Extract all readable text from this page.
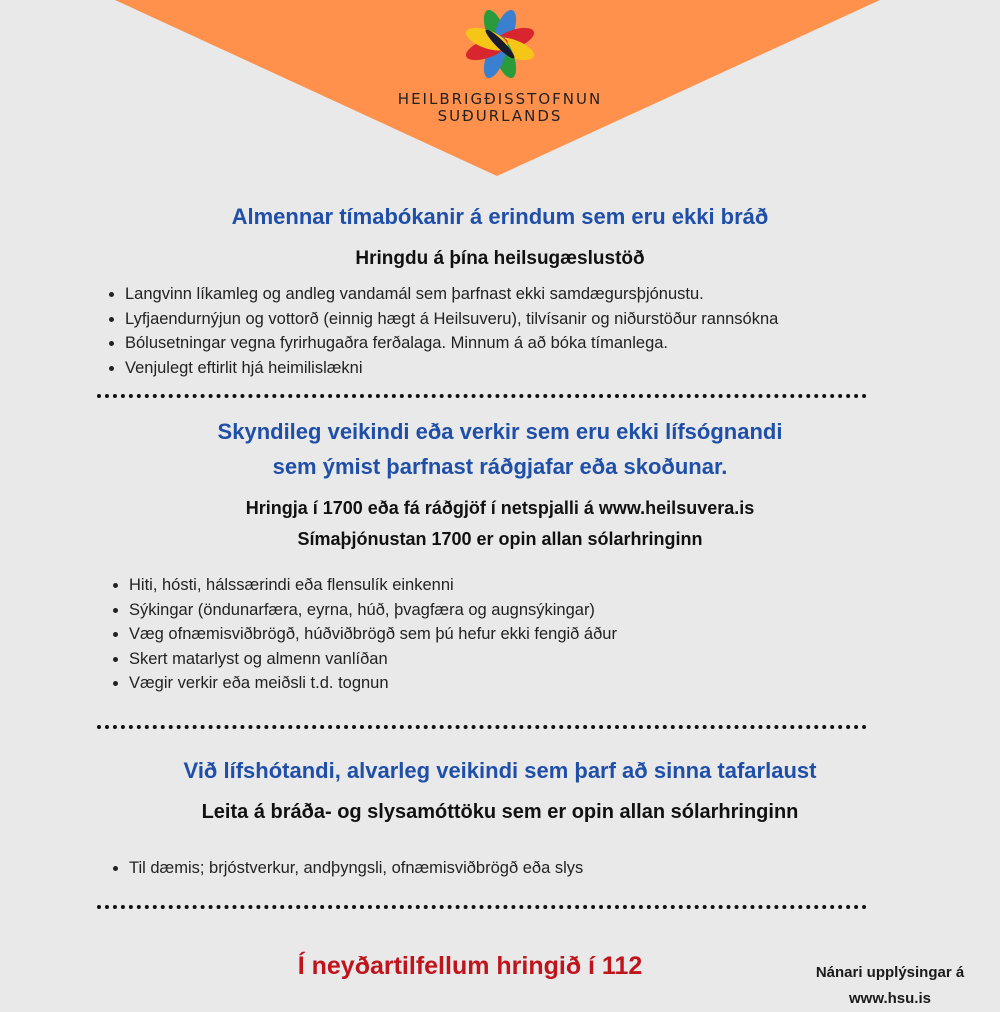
HEILBRIGÐISSTOFNUN
SUÐURLANDS
Almennar tímabókanir á erindum sem eru ekki bráð
Hringdu á þína heilsugæslustöð
• Langvinn líkamleg og andleg vandamál sem þarfnast ekki samdægursþjónustu.
• Lyfjaendurnýjun og vottorð (einnig hægt á Heilsuveru), tilvísanir og niðurstöður rannsókna
• Bólusetningar vegna fyrirhugaðra ferðalaga. Minnum á að bóka tímanlega.
• Venjulegt eftirlit hjá heimilislækni
Skyndileg veikindi eða verkir sem eru ekki lífsógnandi
sem ýmist þarfnast ráðgjafar eða skoðunar.
Hringja í 1700 eða fá ráðgjöf í netspjalli á www.heilsuvera.is
Símaþjónustan 1700 er opin allan sólarhringinn
• Hiti, hósti, hálssærindi eða flensulík einkenni
• Sýkingar (öndunarfæra, eyrna, húð, þvagfæra og augnsýkingar)
• Væg ofnæmisviðbrögð, húðviðbrögð sem þú hefur ekki fengið áður
• Skert matarlyst og almenn vanlíðan
• Vægir verkir eða meiðsli t.d. tognun
Við lífshótandi, alvarleg veikindi sem þarf að sinna tafarlaust
Leita á bráða- og slysamóttöku sem er opin allan sólarhringinn
• Til dæmis; brjóstverkur, andþyngsli, ofnæmisviðbrögð eða slys
Í neyðartilfellum hringið í 112	Nánari upplýsingar á
www.hsu.is
